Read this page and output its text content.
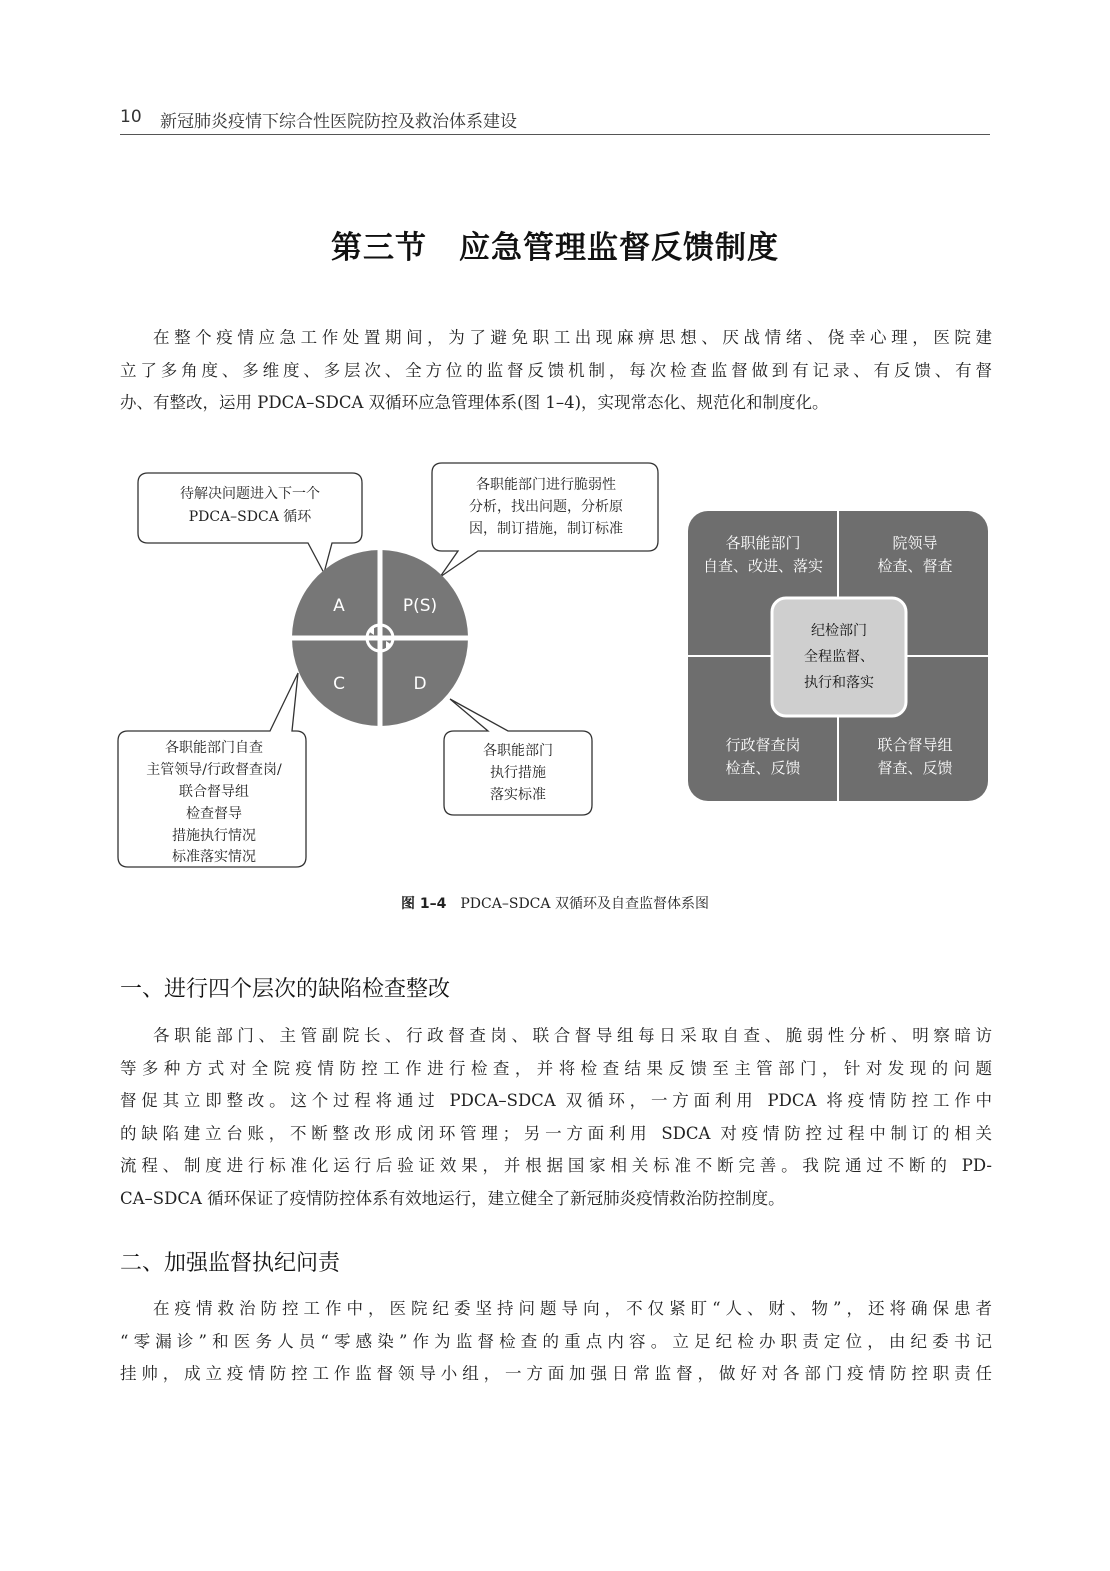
10 新冠肺炎疫情下综合性医院防控及救治体系建设
第三节　应急管理监督反馈制度
在整个疫情应急工作处置期间，为了避免职工出现麻痹思想、厌战情绪、侥幸心理，医院建
立了多角度、多维度、多层次、全方位的监督反馈机制，每次检查监督做到有记录、有反馈、有督
办、有整改，运用 PDCA–SDCA 双循环应急管理体系(图 1–4)，实现常态化、规范化和制度化。
待解决问题进入下一个
PDCA–SDCA 循环
各职能部门进行脆弱性
分析，找出问题，分析原
因，制订措施，制订标准
A	P(S)
C	D
各职能部门自查
主管领导/行政督查岗/
联合督导组
检查督导
措施执行情况
标准落实情况
各职能部门
执行措施
落实标准
各职能部门
自查、改进、落实
院领导
检查、督查
行政督查岗
检查、反馈
联合督导组
督查、反馈
纪检部门
全程监督、
执行和落实
图 1–4 PDCA–SDCA 双循环及自查监督体系图
一、进行四个层次的缺陷检查整改
各职能部门、主管副院长、行政督查岗、联合督导组每日采取自查、脆弱性分析、明察暗访
等多种方式对全院疫情防控工作进行检查，并将检查结果反馈至主管部门，针对发现的问题
督促其立即整改。这个过程将通过 PDCA–SDCA 双循环，一方面利用 PDCA 将疫情防控工作中
的缺陷建立台账，不断整改形成闭环管理；另一方面利用 SDCA 对疫情防控过程中制订的相关
流程、制度进行标准化运行后验证效果，并根据国家相关标准不断完善。我院通过不断的 PD-
CA–SDCA 循环保证了疫情防控体系有效地运行，建立健全了新冠肺炎疫情救治防控制度。
二、加强监督执纪问责
在疫情救治防控工作中，医院纪委坚持问题导向，不仅紧盯“人、财、物”，还将确保患者
“零漏诊”和医务人员“零感染”作为监督检查的重点内容。立足纪检办职责定位，由纪委书记
挂帅，成立疫情防控工作监督领导小组，一方面加强日常监督，做好对各部门疫情防控职责任
